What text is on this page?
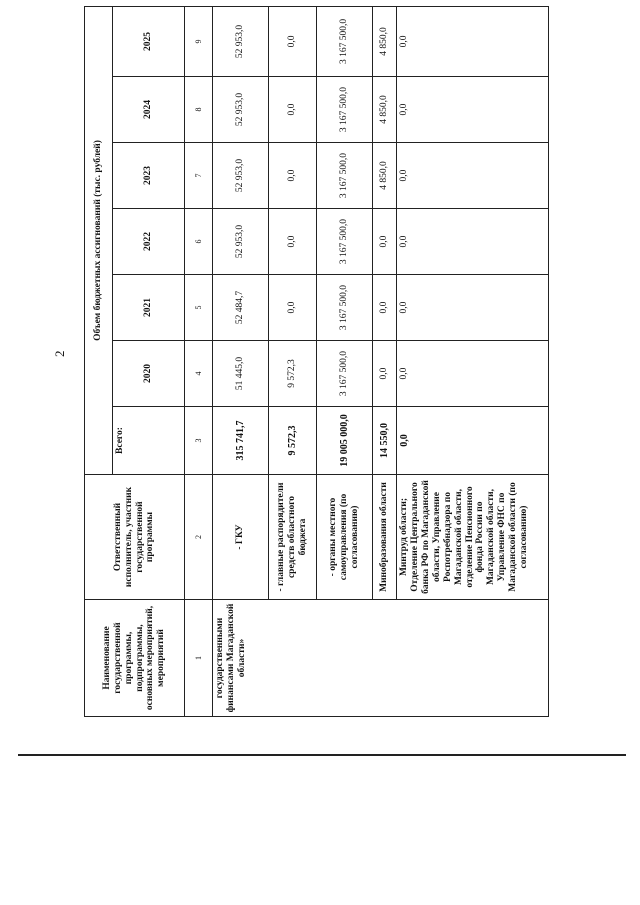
2
Наименование государственной программы, подпрограммы, основных мероприятий, мероприятий	Ответственный исполнитель, участник государственной программы	Объем бюджетных ассигнований (тыс. рублей)						
		Всего:	2020	2021	2022	2023	2024	2025
1	2	3	4	5	6	7	8	9
государственными финансами Магаданской области»	- ГКУ	315 741,7	51 445,0	52 484,7	52 953,0	52 953,0	52 953,0	52 953,0
	- главные распорядители средств областного бюджета	9 572,3	9 572,3	0,0	0,0	0,0	0,0	0,0
	- органы местного самоуправления (по согласованию)	19 005 000,0	3 167 500,0	3 167 500,0	3 167 500,0	3 167 500,0	3 167 500,0	3 167 500,0
	Минобразования области	14 550,0	0,0	0,0	0,0	4 850,0	4 850,0	4 850,0
	Минтруд области; Отделение Центрального банка РФ по Магаданской области, Управление Роспотребнадзора по Магаданской области, отделение Пенсионного фонда России по Магаданской области, Управление ФНС по Магаданской области (по согласованию)	0,0	0,0	0,0	0,0	0,0	0,0	0,0
